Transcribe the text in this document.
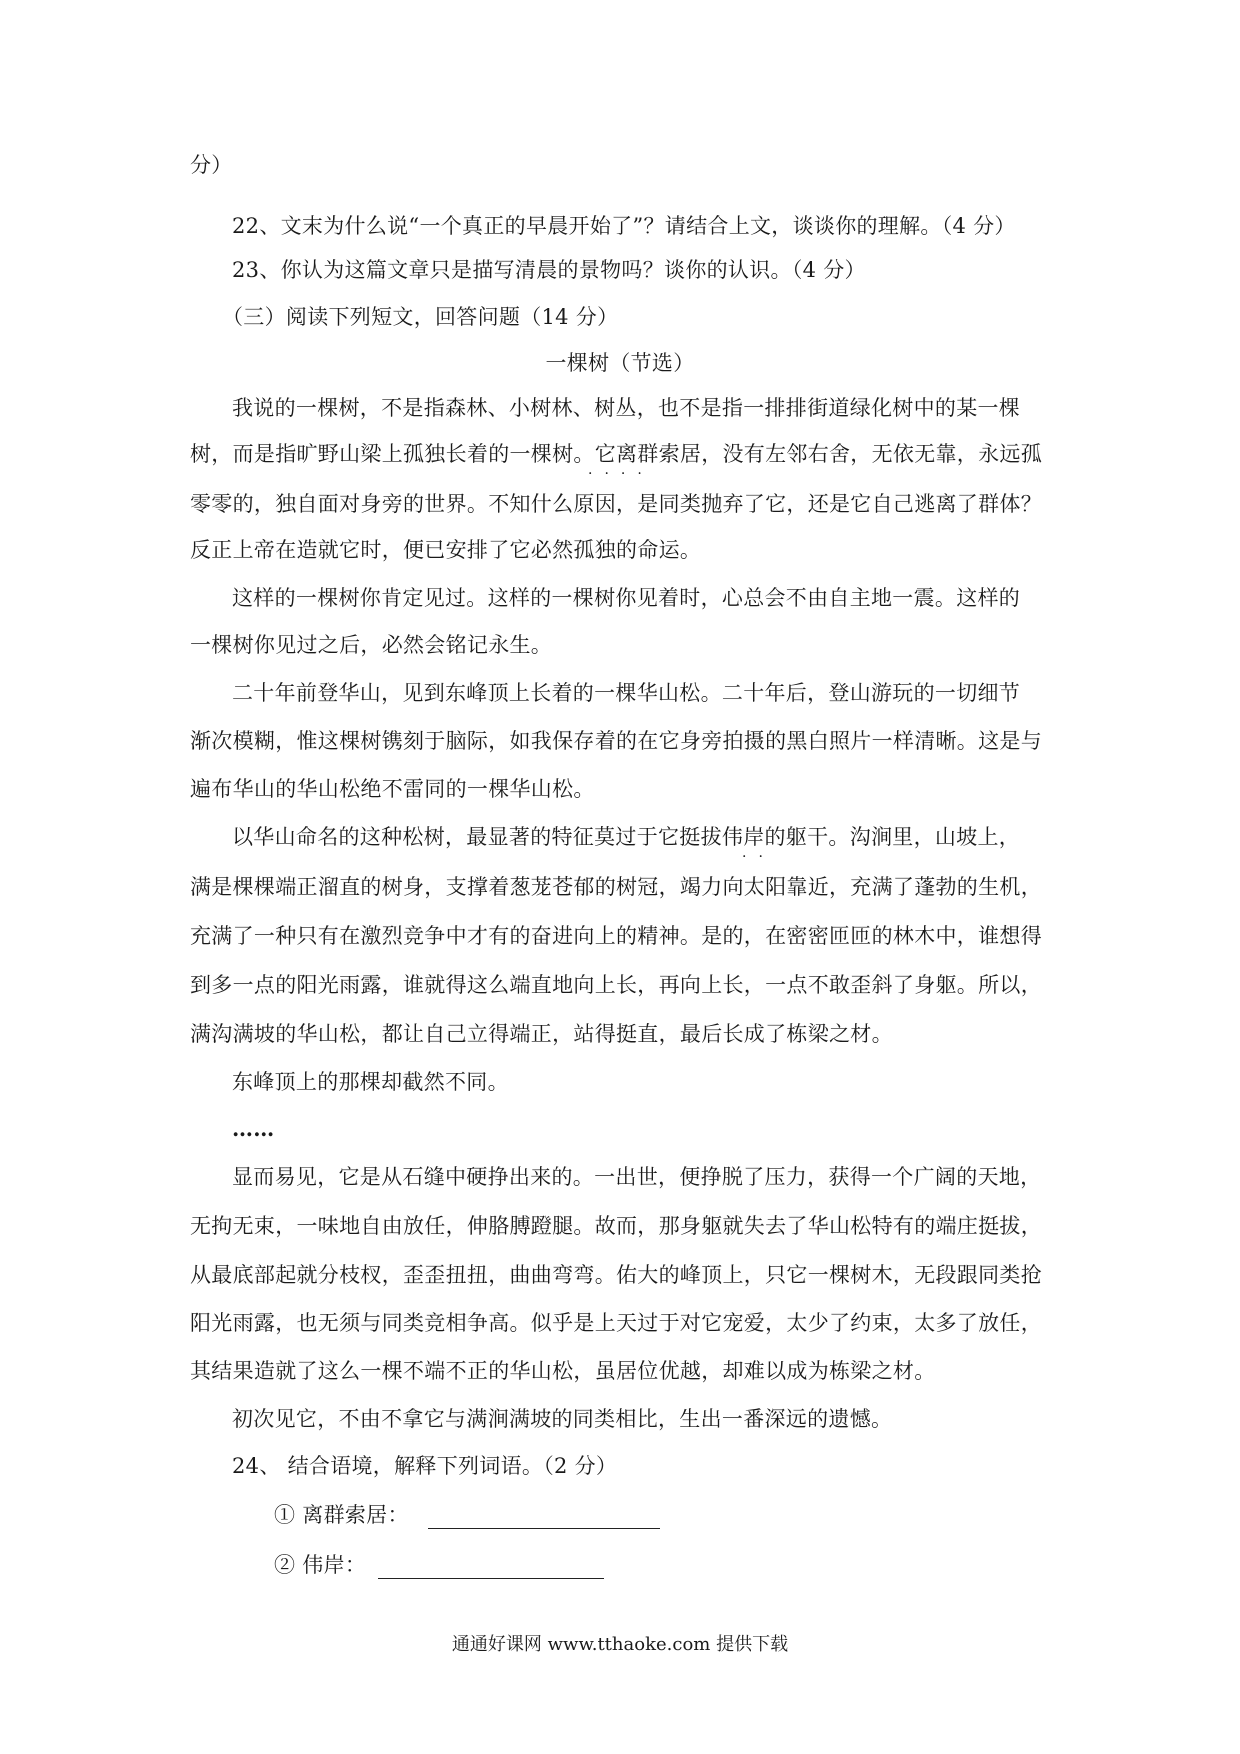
分）
22、文末为什么说“一个真正的早晨开始了”？请结合上文，谈谈你的理解。（4 分）
23、你认为这篇文章只是描写清晨的景物吗？谈你的认识。（4 分）
（三）阅读下列短文，回答问题（14 分）
一棵树（节选）
我说的一棵树，不是指森林、小树林、树丛，也不是指一排排街道绿化树中的某一棵
树，而是指旷野山梁上孤独长着的一棵树。它离群索居，没有左邻右舍，无依无靠，永远孤
····
零零的，独自面对身旁的世界。不知什么原因，是同类抛弃了它，还是它自己逃离了群体？
反正上帝在造就它时，便已安排了它必然孤独的命运。
这样的一棵树你肯定见过。这样的一棵树你见着时，心总会不由自主地一震。这样的
一棵树你见过之后，必然会铭记永生。
二十年前登华山，见到东峰顶上长着的一棵华山松。二十年后，登山游玩的一切细节
渐次模糊，惟这棵树镌刻于脑际，如我保存着的在它身旁拍摄的黑白照片一样清晰。这是与
遍布华山的华山松绝不雷同的一棵华山松。
以华山命名的这种松树，最显著的特征莫过于它挺拔伟岸的躯干。沟涧里，山坡上，
··
满是棵棵端正溜直的树身，支撑着葱茏苍郁的树冠，竭力向太阳靠近，充满了蓬勃的生机，
充满了一种只有在激烈竞争中才有的奋进向上的精神。是的，在密密匝匝的林木中，谁想得
到多一点的阳光雨露，谁就得这么端直地向上长，再向上长，一点不敢歪斜了身躯。所以，
满沟满坡的华山松，都让自己立得端正，站得挺直，最后长成了栋梁之材。
东峰顶上的那棵却截然不同。
……
显而易见，它是从石缝中硬挣出来的。一出世，便挣脱了压力，获得一个广阔的天地，
无拘无束，一味地自由放任，伸胳膊蹬腿。故而，那身躯就失去了华山松特有的端庄挺拔，
从最底部起就分枝杈，歪歪扭扭，曲曲弯弯。佑大的峰顶上，只它一棵树木，无段跟同类抢
阳光雨露，也无须与同类竞相争高。似乎是上天过于对它宠爱，太少了约束，太多了放任，
其结果造就了这么一棵不端不正的华山松，虽居位优越，却难以成为栋梁之材。
初次见它，不由不拿它与满涧满坡的同类相比，生出一番深远的遗憾。
24、 结合语境，解释下列词语。（2 分）
① 离群索居：
② 伟岸：
通通好课网 www.tthaoke.com 提供下载
